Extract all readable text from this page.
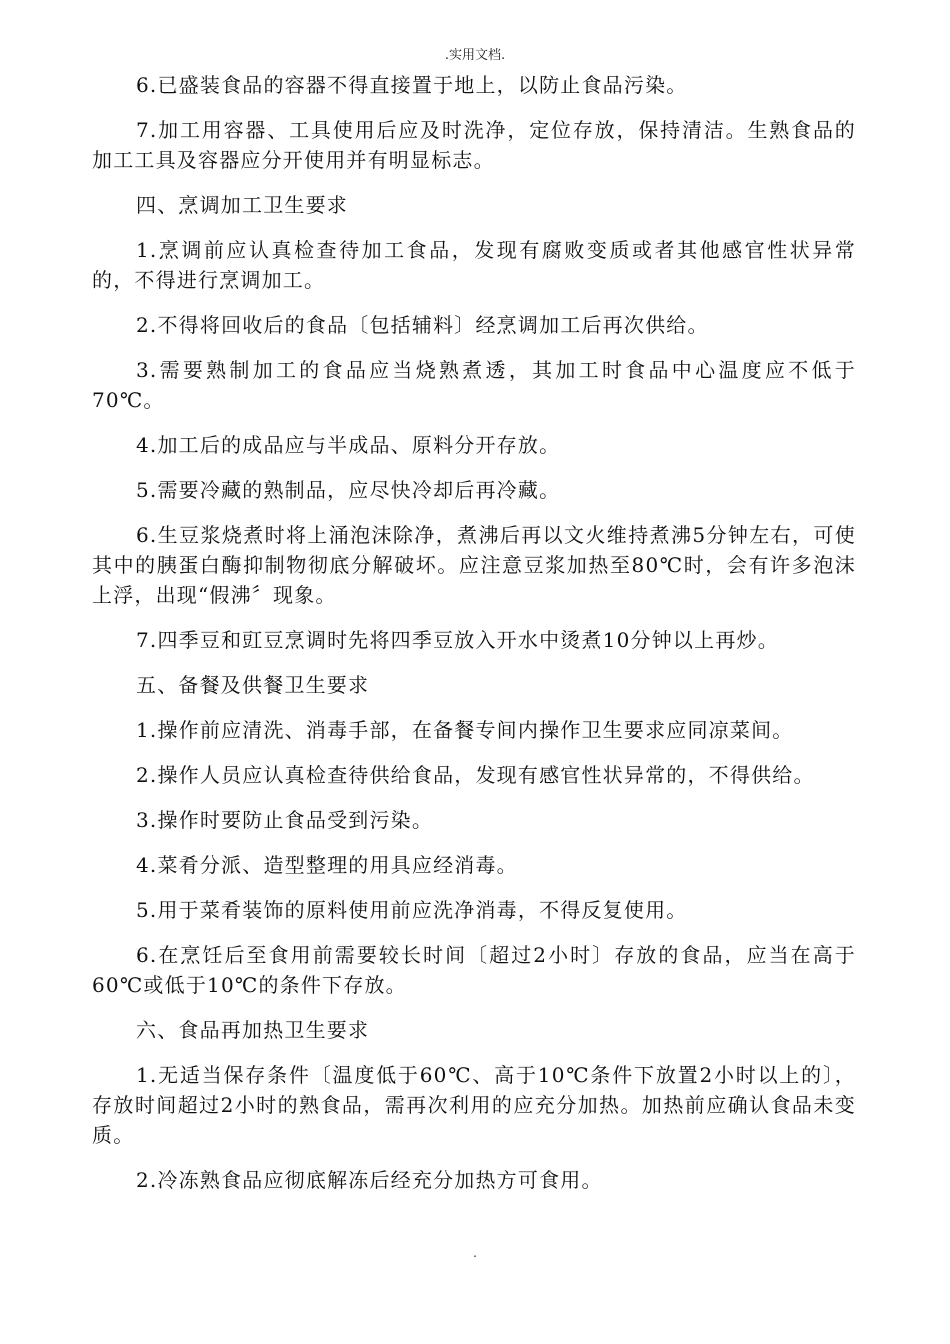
.实用文档.

6.已盛装食品的容器不得直接置于地上，以防止食品污染。

7.加工用容器、工具使用后应及时洗净，定位存放，保持清洁。生熟食品的加工工具及容器应分开使用并有明显标志。

四、烹调加工卫生要求

1.烹调前应认真检查待加工食品，发现有腐败变质或者其他感官性状异常的，不得进行烹调加工。

2.不得将回收后的食品〔包括辅料〕经烹调加工后再次供给。

3.需要熟制加工的食品应当烧熟煮透，其加工时食品中心温度应不低于70℃。

4.加工后的成品应与半成品、原料分开存放。

5.需要冷藏的熟制品，应尽快冷却后再冷藏。

6.生豆浆烧煮时将上涌泡沫除净，煮沸后再以文火维持煮沸5分钟左右，可使其中的胰蛋白酶抑制物彻底分解破坏。应注意豆浆加热至80℃时，会有许多泡沫上浮，出现“假沸〞现象。

7.四季豆和豇豆烹调时先将四季豆放入开水中烫煮10分钟以上再炒。

五、备餐及供餐卫生要求

1.操作前应清洗、消毒手部，在备餐专间内操作卫生要求应同凉菜间。

2.操作人员应认真检查待供给食品，发现有感官性状异常的，不得供给。

3.操作时要防止食品受到污染。

4.菜肴分派、造型整理的用具应经消毒。

5.用于菜肴装饰的原料使用前应洗净消毒，不得反复使用。

6.在烹饪后至食用前需要较长时间〔超过2小时〕存放的食品，应当在高于60℃或低于10℃的条件下存放。

六、食品再加热卫生要求

1.无适当保存条件〔温度低于60℃、高于10℃条件下放置2小时以上的〕，存放时间超过2小时的熟食品，需再次利用的应充分加热。加热前应确认食品未变质。

2.冷冻熟食品应彻底解冻后经充分加热方可食用。

.
